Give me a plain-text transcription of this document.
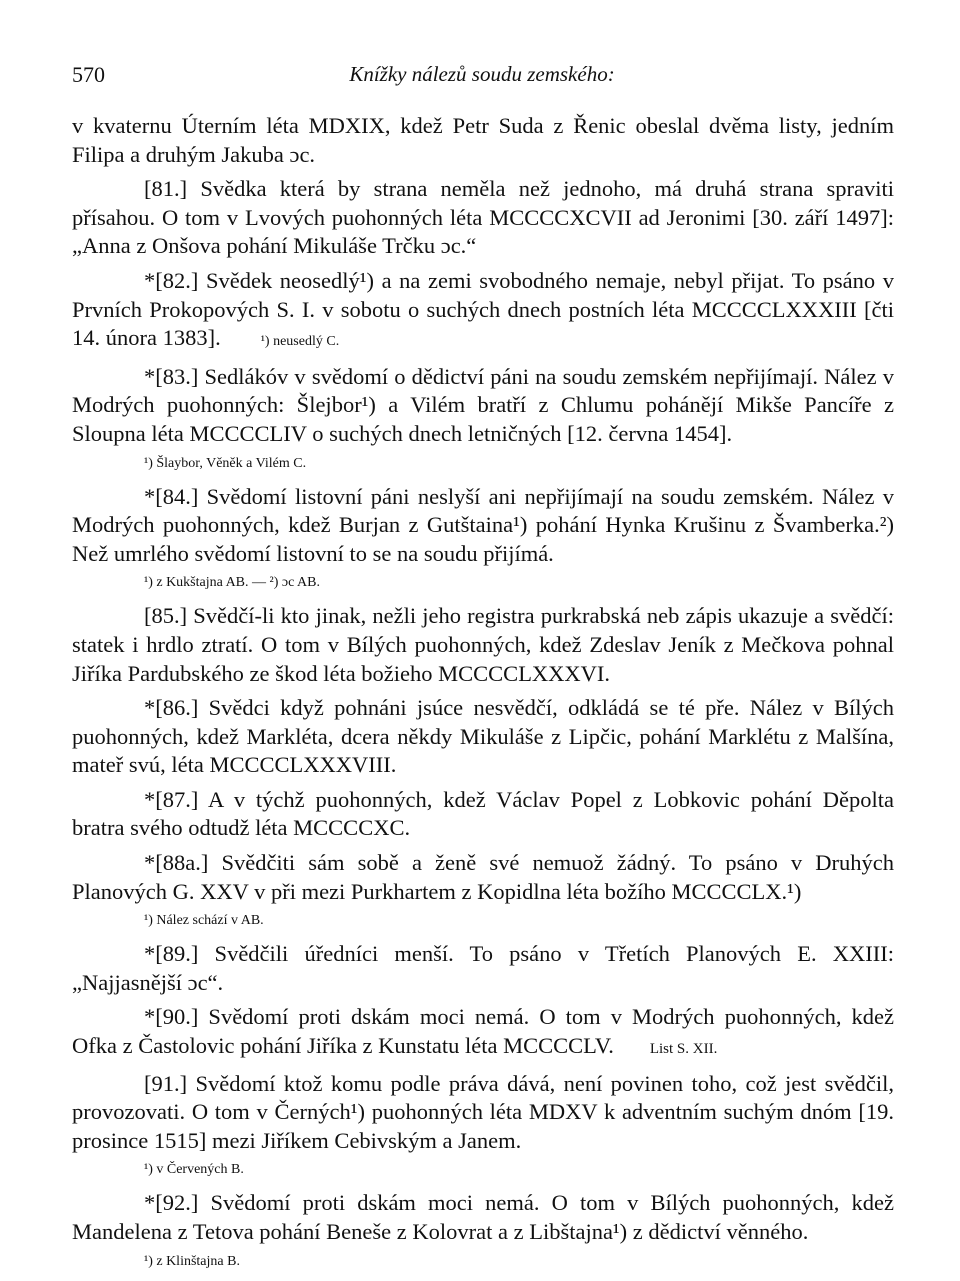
570	Knížky nálezů soudu zemského:

v kvaternu Úterním léta MDXIX, kdež Petr Suda z Řenic obeslal dvěma listy, jedním Filipa a druhým Jakuba ɔc.

[81.] Svědka která by strana neměla než jednoho, má druhá strana spraviti přísahou. O tom v Lvových puohonných léta MCCCCXCVII ad Jeronimi [30. září 1497]: „Anna z Onšova pohání Mikuláše Trčku ɔc.“

*[82.] Svědek neosedlý¹) a na zemi svobodného nemaje, nebyl přijat. To psáno v Prvních Prokopových S. I. v sobotu o suchých dnech postních léta MCCCCLXXXIII [čti 14. února 1383].	¹) neusedlý C.

*[83.] Sedlákóv v svědomí o dědictví páni na soudu zemském nepřijímají. Nález v Modrých puohonných: Šlejbor¹) a Vilém bratří z Chlumu pohánějí Mikše Pancíře z Sloupna léta MCCCCLIV o suchých dnech letničných [12. června 1454].

¹) Šlaybor, Věněk a Vilém C.

*[84.] Svědomí listovní páni neslyší ani nepřijímají na soudu zemském. Nález v Modrých puohonných, kdež Burjan z Gutštaina¹) pohání Hynka Krušinu z Švamberka.²) Než umrlého svědomí listovní to se na soudu přijímá.

¹) z Kukštajna AB. — ²) ɔc AB.

[85.] Svědčí-li kto jinak, nežli jeho registra purkrabská neb zápis ukazuje a svědčí: statek i hrdlo ztratí. O tom v Bílých puohonných, kdež Zdeslav Jeník z Mečkova pohnal Jiříka Pardubského ze škod léta božieho MCCCCLXXXVI.

*[86.] Svědci když pohnáni jsúce nesvědčí, odkládá se té pře. Nález v Bílých puohonných, kdež Markléta, dcera někdy Mikuláše z Lipčic, pohání Marklétu z Malšína, mateř svú, léta MCCCCLXXXVIII.

*[87.] A v týchž puohonných, kdež Václav Popel z Lobkovic pohání Děpolta bratra svého odtudž léta MCCCCXC.

*[88a.] Svědčiti sám sobě a ženě své nemuož žádný. To psáno v Druhých Planových G. XXV v při mezi Purkhartem z Kopidlna léta božího MCCCCLX.¹)

¹) Nález schází v AB.

*[89.] Svědčili úředníci menší. To psáno v Třetích Planových E. XXIII: „Najjasnější ɔc“.

*[90.] Svědomí proti dskám moci nemá. O tom v Modrých puohonných, kdež Ofka z Častolovic pohání Jiříka z Kunstatu léta MCCCCLV. List S. XII.

[91.] Svědomí ktož komu podle práva dává, není povinen toho, což jest svědčil, provozovati. O tom v Černých¹) puohonných léta MDXV k adventním suchým dnóm [19. prosince 1515] mezi Jiříkem Cebivským a Janem.

¹) v Červených B.

*[92.] Svědomí proti dskám moci nemá. O tom v Bílých puohonných, kdež Mandelena z Tetova pohání Beneše z Kolovrat a z Libštajna¹) z dědictví věnného.

¹) z Klinštajna B.
